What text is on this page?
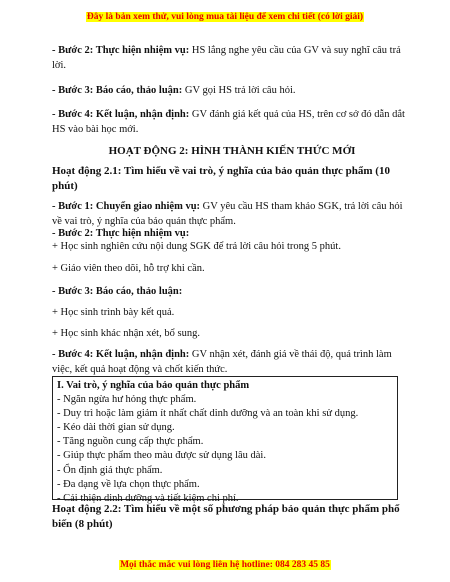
Đây là bản xem thử, vui lòng mua tài liệu để xem chi tiết (có lời giải)
- Bước 2: Thực hiện nhiệm vụ: HS lắng nghe yêu cầu của GV và suy nghĩ câu trả lời.
- Bước 3: Báo cáo, thảo luận: GV gọi HS trả lời câu hỏi.
- Bước 4: Kết luận, nhận định: GV đánh giá kết quả của HS, trên cơ sở đó dẫn dắt HS vào bài học mới.
HOẠT ĐỘNG 2: HÌNH THÀNH KIẾN THỨC MỚI
Hoạt động 2.1: Tìm hiểu về vai trò, ý nghĩa của bảo quản thực phẩm (10 phút)
- Bước 1: Chuyển giao nhiệm vụ: GV yêu cầu HS tham khảo SGK, trả lời câu hỏi về vai trò, ý nghĩa của bảo quản thực phẩm.
- Bước 2: Thực hiện nhiệm vụ:
+ Học sinh nghiên cứu nội dung SGK để trả lời câu hỏi trong 5 phút.
+ Giáo viên theo dõi, hỗ trợ khi cần.
- Bước 3: Báo cáo, thảo luận:
+ Học sinh trình bày kết quả.
+ Học sinh khác nhận xét, bổ sung.
- Bước 4: Kết luận, nhận định: GV nhận xét, đánh giá về thái độ, quá trình làm việc, kết quả hoạt động và chốt kiến thức.
I. Vai trò, ý nghĩa của bảo quản thực phẩm
- Ngăn ngừa hư hỏng thực phẩm.
- Duy trì hoặc làm giảm ít nhất chất dinh dưỡng và an toàn khi sử dụng.
- Kéo dài thời gian sử dụng.
- Tăng nguồn cung cấp thực phẩm.
- Giúp thực phẩm theo màu được sử dụng lâu dài.
- Ổn định giá thực phẩm.
- Đa dạng về lựa chọn thực phẩm.
- Cải thiện dinh dưỡng và tiết kiệm chi phí.
Hoạt động 2.2: Tìm hiểu về một số phương pháp bảo quản thực phẩm phổ biến (8 phút)
Mọi thắc mắc vui lòng liên hệ hotline: 084 283 45 85
